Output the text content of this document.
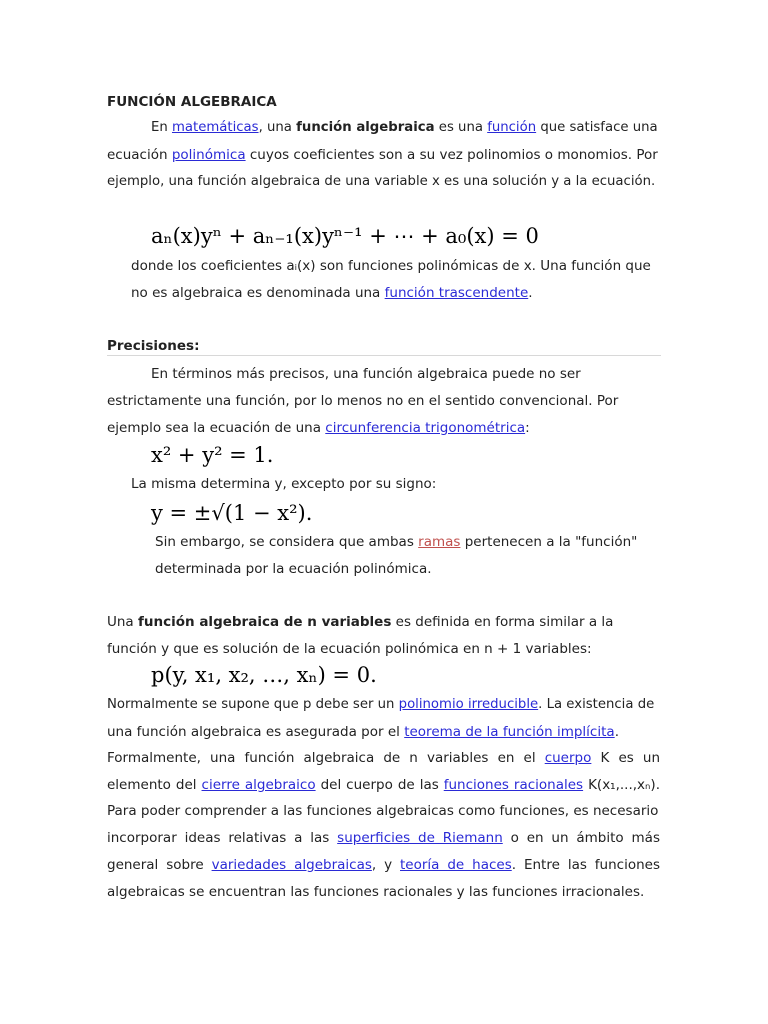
FUNCIÓN ALGEBRAICA
En matemáticas, una función algebraica es una función que satisface una
ecuación polinómica cuyos coeficientes son a su vez polinomios o monomios. Por
ejemplo, una función algebraica de una variable x es una solución y a la ecuación.
aₙ(x)yⁿ + aₙ₋₁(x)yⁿ⁻¹ + ⋯ + a₀(x) = 0
donde los coeficientes aᵢ(x) son funciones polinómicas de x. Una función que
no es algebraica es denominada una función trascendente.
Precisiones:
En términos más precisos, una función algebraica puede no ser
estrictamente una función, por lo menos no en el sentido convencional. Por
ejemplo sea la ecuación de una circunferencia trigonométrica:
x² + y² = 1.
La misma determina y, excepto por su signo:
y = ±√(1 − x²).
Sin embargo, se considera que ambas ramas pertenecen a la "función"
determinada por la ecuación polinómica.
Una función algebraica de n variables es definida en forma similar a la
función y que es solución de la ecuación polinómica en n + 1 variables:
p(y, x₁, x₂, …, xₙ) = 0.
Normalmente se supone que p debe ser un polinomio irreducible. La existencia de
una función algebraica es asegurada por el teorema de la función implícita.
Formalmente, una función algebraica de n variables en el cuerpo K es un
elemento del cierre algebraico del cuerpo de las funciones racionales K(x₁,...,xₙ).
Para poder comprender a las funciones algebraicas como funciones, es necesario
incorporar ideas relativas a las superficies de Riemann o en un ámbito más
general sobre variedades algebraicas, y teoría de haces. Entre las funciones
algebraicas se encuentran las funciones racionales y las funciones irracionales.
